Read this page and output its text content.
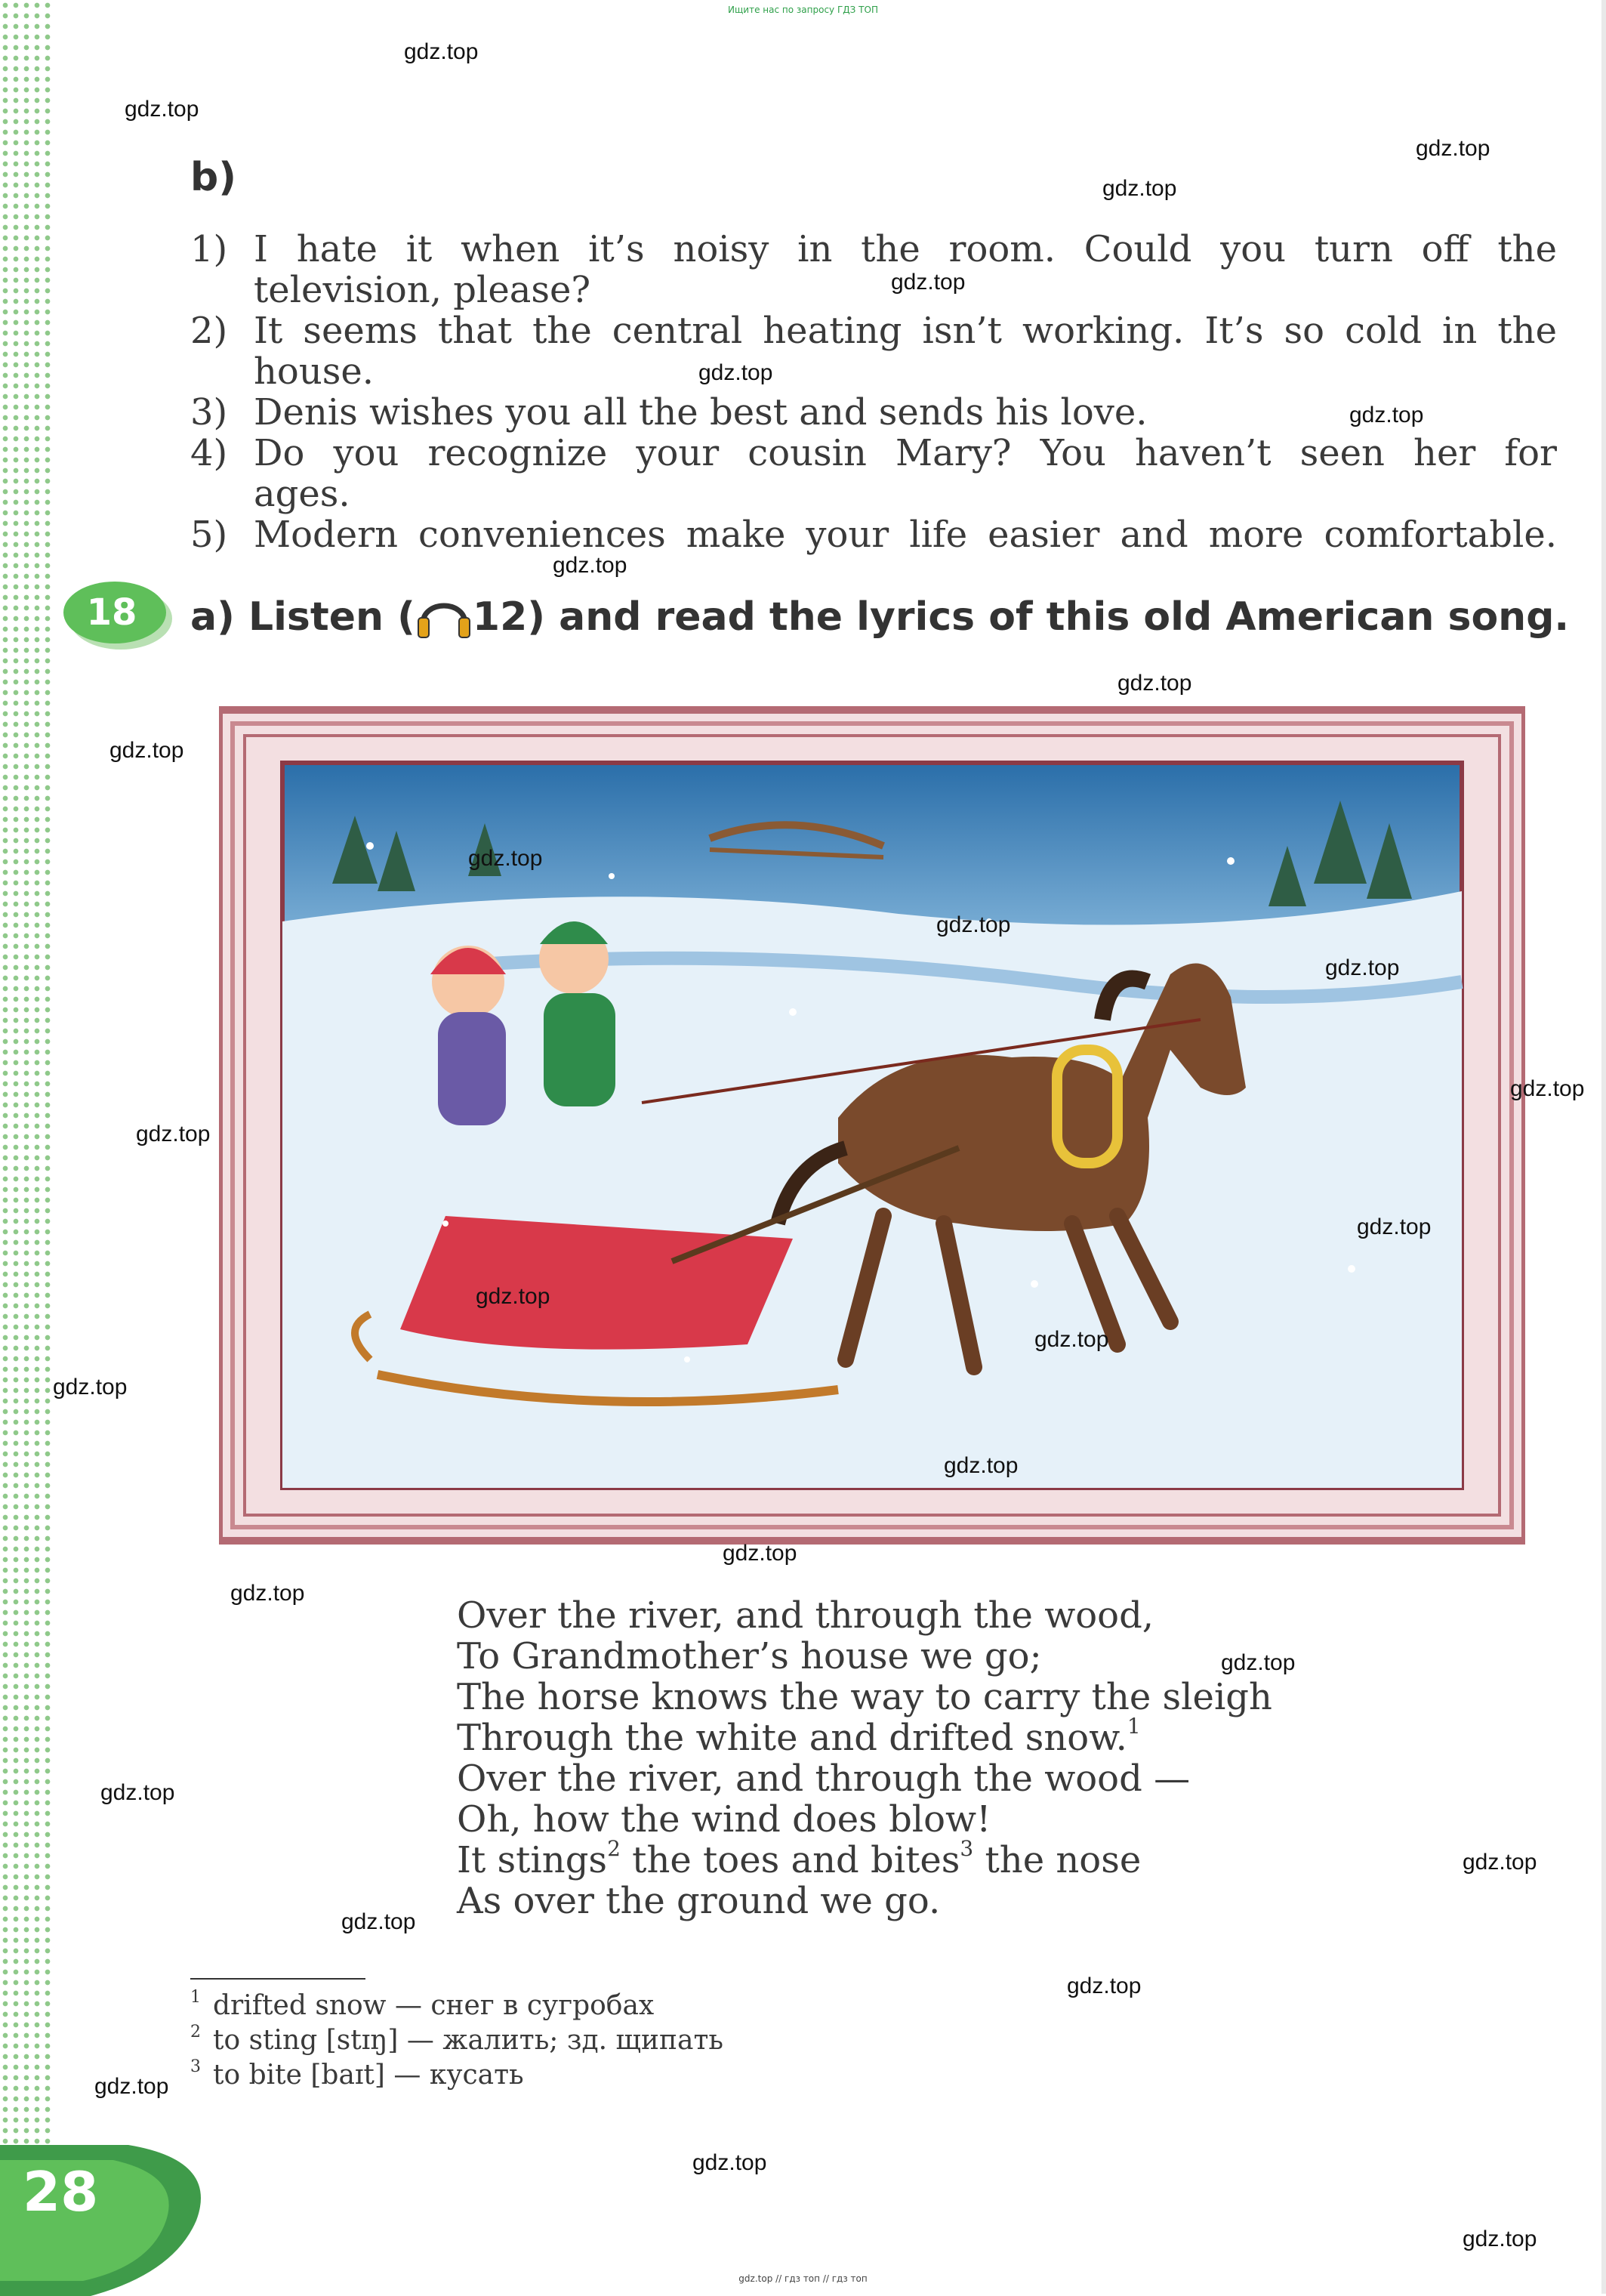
Ищите нас по запросу ГДЗ ТОП
b)
1) I hate it when it’s noisy in the room. Could you turn off the
television, please?
2) It seems that the central heating isn’t working. It’s so cold in the
house.
3) Denis wishes you all the best and sends his love.
4) Do you recognize your cousin Mary? You haven’t seen her for
ages.
5) Modern conveniences make your life easier and more comfortable.
18	a) Listen ( 12) and read the lyrics of this old American song.
Over the river, and through the wood,
To Grandmother’s house we go;
The horse knows the way to carry the sleigh
Through the white and drifted snow.$^1$
Over the river, and through the wood —
Oh, how the wind does blow!
It stings$^2$ the toes and bites$^3$ the nose
As over the ground we go.
$^1$ drifted snow — снег в сугробах
$^2$ to sting [stɪŋ] — жалить; зд. щипать
$^3$ to bite [baɪt] — кусать
28
gdz.top
gdz.top
gdz.top
gdz.top
gdz.top
gdz.top
gdz.top
gdz.top
gdz.top
gdz.top
gdz.top
gdz.top
gdz.top
gdz.top
gdz.top
gdz.top
gdz.top
gdz.top
gdz.top
gdz.top
gdz.top
gdz.top
gdz.top
gdz.top
gdz.top
gdz.top
gdz.top
gdz.top
gdz.top
gdz.top
gdz.top // гдз топ // гдз топ
